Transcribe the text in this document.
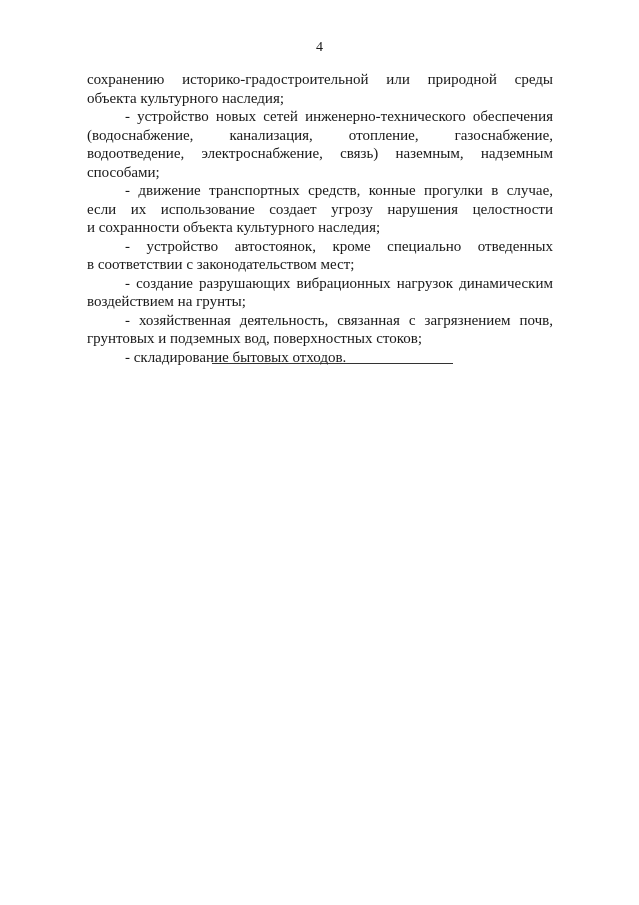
4
сохранению историко-градостроительной или природной среды
объекта культурного наследия;
- устройство новых сетей инженерно-технического обеспечения
(водоснабжение, канализация, отопление, газоснабжение,
водоотведение, электроснабжение, связь) наземным, надземным
способами;
- движение транспортных средств, конные прогулки в случае,
если их использование создает угрозу нарушения целостности
и сохранности объекта культурного наследия;
- устройство автостоянок, кроме специально отведенных
в соответствии с законодательством мест;
- создание разрушающих вибрационных нагрузок динамическим
воздействием на грунты;
- хозяйственная деятельность, связанная с загрязнением почв,
грунтовых и подземных вод, поверхностных стоков;
- складирование бытовых отходов.
